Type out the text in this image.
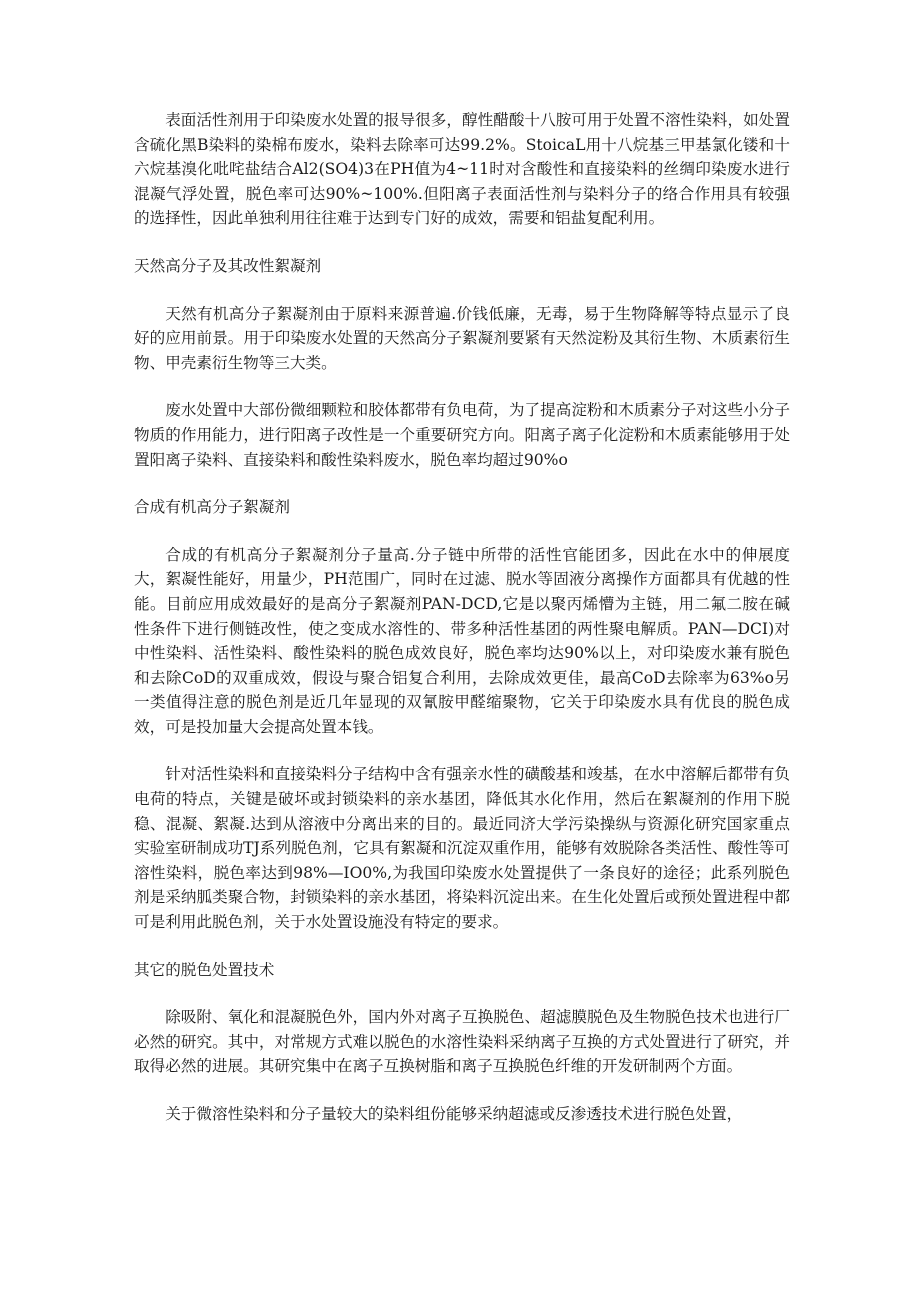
表面活性剂用于印染废水处置的报导很多，醇性醋酸十八胺可用于处置不溶性染料，如处置含硫化黑B染料的染棉布废水，染料去除率可达99.2%。StoicaL用十八烷基三甲基氯化镂和十六烷基溴化吡咤盐结合Al2(SO4)3在PH值为4~11时对含酸性和直接染料的丝绸印染废水进行混凝气浮处置，脱色率可达90%~100%.但阳离子表面活性剂与染料分子的络合作用具有较强的选择性，因此单独利用往往难于达到专门好的成效，需要和铝盐复配利用。

天然高分子及其改性絮凝剂

天然有机高分子絮凝剂由于原料来源普遍.价钱低廉，无毒，易于生物降解等特点显示了良好的应用前景。用于印染废水处置的天然高分子絮凝剂要紧有天然淀粉及其衍生物、木质素衍生物、甲壳素衍生物等三大类。

废水处置中大部份微细颗粒和胶体都带有负电荷，为了提高淀粉和木质素分子对这些小分子物质的作用能力，进行阳离子改性是一个重要研究方向。阳离子离子化淀粉和木质素能够用于处置阳离子染料、直接染料和酸性染料废水，脱色率均超过90%o

合成有机高分子絮凝剂

合成的有机高分子絮凝剂分子量高.分子链中所带的活性官能团多，因此在水中的伸展度大，絮凝性能好，用量少，PH范围广，同时在过滤、脱水等固液分离操作方面都具有优越的性能。目前应用成效最好的是高分子絮凝剂PAN-DCD,它是以聚丙烯懵为主链，用二氟二胺在碱性条件下进行侧链改性，使之变成水溶性的、带多种活性基团的两性聚电解质。PAN—DCI)对中性染料、活性染料、酸性染料的脱色成效良好，脱色率均达90%以上，对印染废水兼有脱色和去除CoD的双重成效，假设与聚合铝复合利用，去除成效更佳，最高CoD去除率为63%o另一类值得注意的脱色剂是近几年显现的双氰胺甲醛缩聚物，它关于印染废水具有优良的脱色成效，可是投加量大会提高处置本钱。

针对活性染料和直接染料分子结构中含有强亲水性的磺酸基和竣基，在水中溶解后都带有负电荷的特点，关键是破坏或封锁染料的亲水基团，降低其水化作用，然后在絮凝剂的作用下脱稳、混凝、絮凝.达到从溶液中分离出来的目的。最近同济大学污染操纵与资源化研究国家重点实验室研制成功TJ系列脱色剂，它具有絮凝和沉淀双重作用，能够有效脱除各类活性、酸性等可溶性染料，脱色率达到98%—IO0%,为我国印染废水处置提供了一条良好的途径；此系列脱色剂是采纳胍类聚合物，封锁染料的亲水基团，将染料沉淀出来。在生化处置后或预处置进程中都可是利用此脱色剂，关于水处置设施没有特定的要求。

其它的脱色处置技术

除吸附、氧化和混凝脱色外，国内外对离子互换脱色、超滤膜脱色及生物脱色技术也进行厂必然的研究。其中，对常规方式难以脱色的水溶性染料采纳离子互换的方式处置进行了研究，并取得必然的进展。其研究集中在离子互换树脂和离子互换脱色纤维的开发研制两个方面。

关于微溶性染料和分子量较大的染料组份能够采纳超滤或反渗透技术进行脱色处置，
